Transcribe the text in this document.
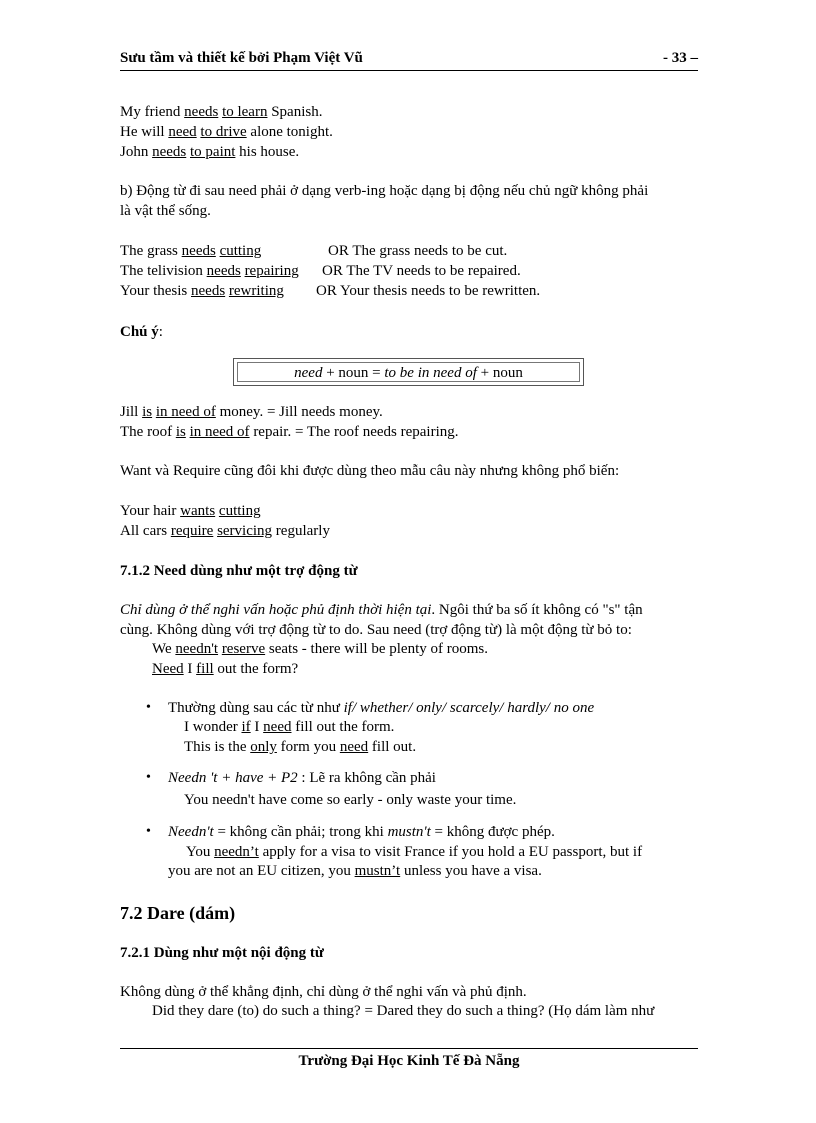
Sưu tầm và thiết kế bởi Phạm Việt Vũ	- 33 –
My friend needs to learn Spanish.
He will need to drive alone tonight.
John needs to paint his house.
b) Động từ đi sau need phải ở dạng verb-ing hoặc dạng bị động nếu chủ ngữ không phải
là vật thể sống.
The grass needs cutting	OR The grass needs to be cut.
The telivision needs repairing OR The TV needs to be repaired.
Your thesis needs rewriting OR Your thesis needs to be rewritten.
Chú ý:
need + noun = to be in need of + noun
Jill is in need of money. = Jill needs money.
The roof is in need of repair. = The roof needs repairing.
Want và Require cũng đôi khi được dùng theo mẫu câu này nhưng không phổ biến:
Your hair wants cutting
All cars require servicing regularly
7.1.2 Need dùng như một trợ động từ
Chỉ dùng ở thể nghi vấn hoặc phủ định thời hiện tại. Ngôi thứ ba số ít không có "s" tận
cùng. Không dùng với trợ động từ to do. Sau need (trợ động từ) là một động từ bỏ to:
We needn't reserve seats - there will be plenty of rooms.
Need I fill out the form?
• Thường dùng sau các từ như if/ whether/ only/ scarcely/ hardly/ no one
I wonder if I need fill out the form.
This is the only form you need fill out.
• Needn 't + have + P2 : Lẽ ra không cần phải
You needn't have come so early - only waste your time.
• Needn't = không cần phải; trong khi mustn't = không được phép.
You needn’t apply for a visa to visit France if you hold a EU passport, but if
you are not an EU citizen, you mustn’t unless you have a visa.
7.2 Dare (dám)
7.2.1 Dùng như một nội động từ
Không dùng ở thể khẳng định, chỉ dùng ở thể nghi vấn và phủ định.
Did they dare (to) do such a thing? = Dared they do such a thing? (Họ dám làm như
Trường Đại Học Kinh Tế Đà Nẵng
